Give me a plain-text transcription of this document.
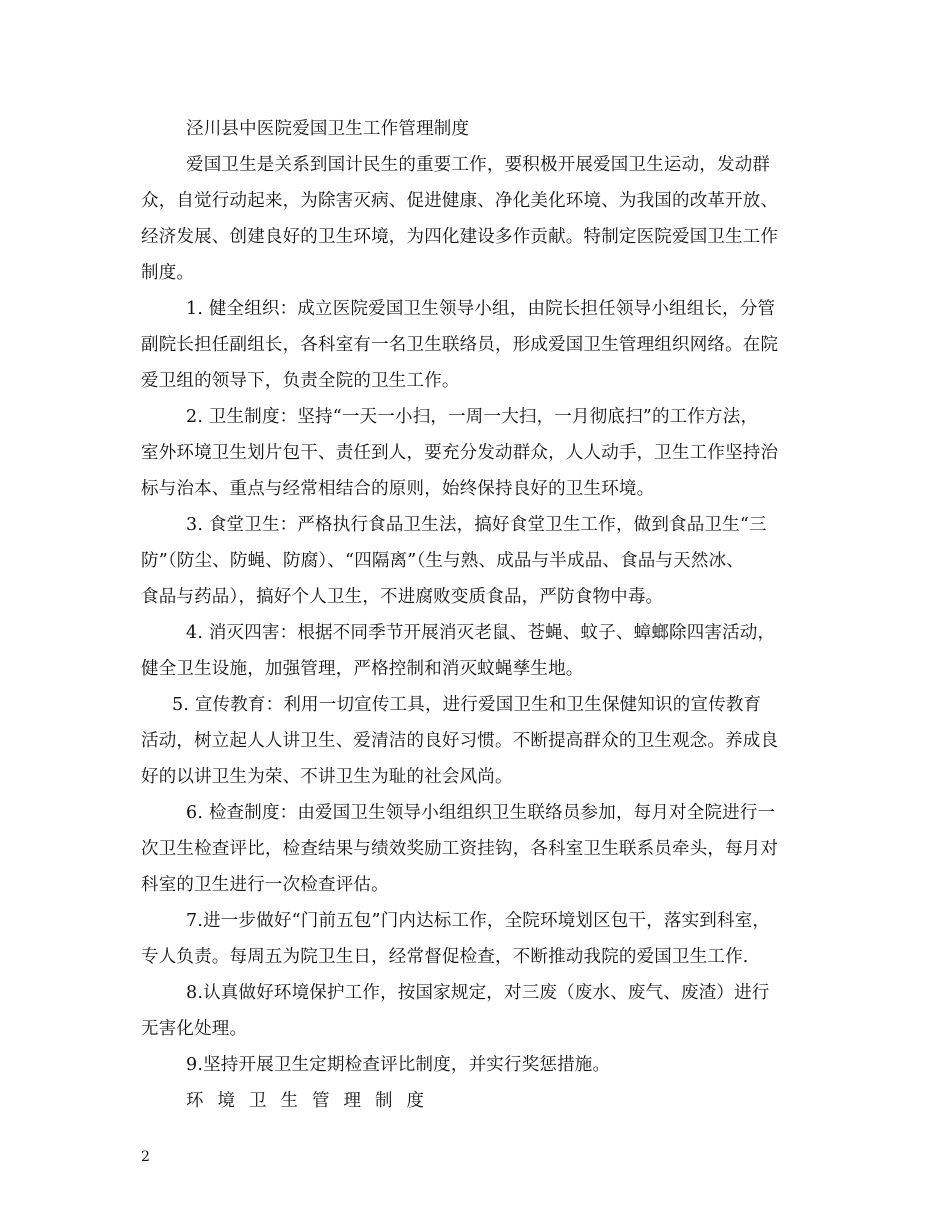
泾川县中医院爱国卫生工作管理制度
爱国卫生是关系到国计民生的重要工作，要积极开展爱国卫生运动，发动群
众，自觉行动起来，为除害灭病、促进健康、净化美化环境、为我国的改革开放、
经济发展、创建良好的卫生环境，为四化建设多作贡献。特制定医院爱国卫生工作
制度。
1. 健全组织：成立医院爱国卫生领导小组，由院长担任领导小组组长，分管
副院长担任副组长，各科室有一名卫生联络员，形成爱国卫生管理组织网络。在院
爱卫组的领导下，负责全院的卫生工作。
2. 卫生制度：坚持“一天一小扫，一周一大扫，一月彻底扫”的工作方法，
室外环境卫生划片包干、责任到人，要充分发动群众，人人动手，卫生工作坚持治
标与治本、重点与经常相结合的原则，始终保持良好的卫生环境。
3. 食堂卫生：严格执行食品卫生法，搞好食堂卫生工作，做到食品卫生“三
防”（防尘、防蝇、防腐）、“四隔离”（生与熟、成品与半成品、食品与天然冰、
食品与药品），搞好个人卫生，不进腐败变质食品，严防食物中毒。
4. 消灭四害：根据不同季节开展消灭老鼠、苍蝇、蚊子、蟑螂除四害活动，
健全卫生设施，加强管理，严格控制和消灭蚊蝇孳生地。
5. 宣传教育：利用一切宣传工具，进行爱国卫生和卫生保健知识的宣传教育
活动，树立起人人讲卫生、爱清洁的良好习惯。不断提高群众的卫生观念。养成良
好的以讲卫生为荣、不讲卫生为耻的社会风尚。
6. 检查制度：由爱国卫生领导小组组织卫生联络员参加，每月对全院进行一
次卫生检查评比，检查结果与绩效奖励工资挂钩，各科室卫生联系员牵头，每月对
科室的卫生进行一次检查评估。
7.进一步做好“门前五包”门内达标工作，全院环境划区包干，落实到科室，
专人负责。每周五为院卫生日，经常督促检查，不断推动我院的爱国卫生工作.
8.认真做好环境保护工作，按国家规定，对三废（废水、废气、废渣）进行
无害化处理。
9.坚持开展卫生定期检查评比制度，并实行奖惩措施。
环境卫生管理制度
2
